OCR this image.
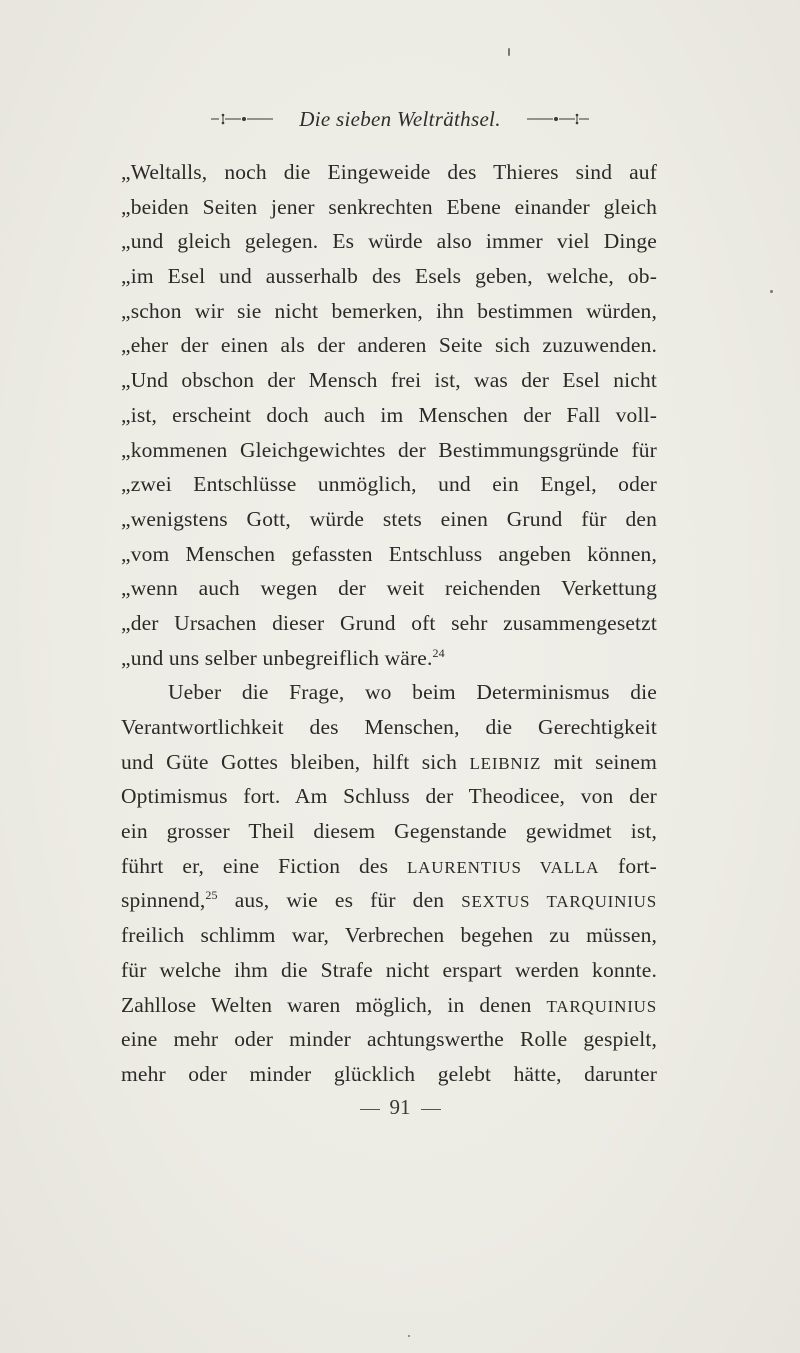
Die sieben Welträthsel.
„Weltalls, noch die Eingeweide des Thieres sind auf
„beiden Seiten jener senkrechten Ebene einander gleich
„und gleich gelegen. Es würde also immer viel Dinge
„im Esel und ausserhalb des Esels geben, welche, ob-
„schon wir sie nicht bemerken, ihn bestimmen würden,
„eher der einen als der anderen Seite sich zuzuwenden.
„Und obschon der Mensch frei ist, was der Esel nicht
„ist, erscheint doch auch im Menschen der Fall voll-
„kommenen Gleichgewichtes der Bestimmungsgründe für
„zwei Entschlüsse unmöglich, und ein Engel, oder
„wenigstens Gott, würde stets einen Grund für den
„vom Menschen gefassten Entschluss angeben können,
„wenn auch wegen der weit reichenden Verkettung
„der Ursachen dieser Grund oft sehr zusammengesetzt
„und uns selber unbegreiflich wäre.$^{24}$
Ueber die Frage, wo beim Determinismus die
Verantwortlichkeit des Menschen, die Gerechtigkeit
und Güte Gottes bleiben, hilft sich LEIBNIZ mit seinem
Optimismus fort. Am Schluss der Theodicee, von der
ein grosser Theil diesem Gegenstande gewidmet ist,
führt er, eine Fiction des LAURENTIUS VALLA fort-
spinnend,$^{25}$ aus, wie es für den SEXTUS TARQUINIUS
freilich schlimm war, Verbrechen begehen zu müssen,
für welche ihm die Strafe nicht erspart werden konnte.
Zahllose Welten waren möglich, in denen TARQUINIUS
eine mehr oder minder achtungswerthe Rolle gespielt,
mehr oder minder glücklich gelebt hätte, darunter
91
